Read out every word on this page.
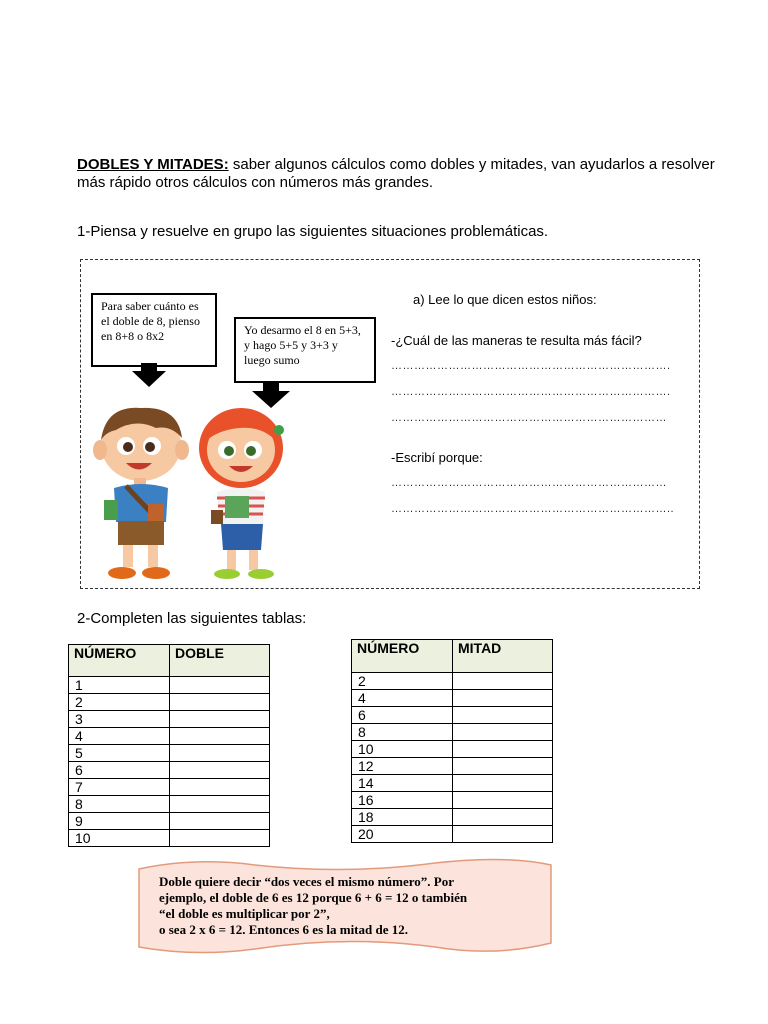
DOBLES Y MITADES: saber algunos cálculos como dobles y mitades, van ayudarlos a resolver más rápido otros cálculos con números más grandes.
1-Piensa y resuelve en grupo las siguientes situaciones problemáticas.
Para saber cuánto es el doble de 8, pienso en 8+8 o 8x2	Yo desarmo el 8 en 5+3, y hago 5+5 y 3+3 y luego sumo
a) Lee lo que dicen estos niños:
-¿Cuál de las maneras te resulta más fácil?
……………………………………………………………….
……………………………………………………………….
………………………………………………………………
-Escribí porque:
………………………………………………………………
………………………………………………………………..
2-Completen las siguientes tablas:
NÚMERO	DOBLE
1	
2	
3	
4	
5	
6	
7	
8	
9	
10	
NÚMERO	MITAD
2	
4	
6	
8	
10	
12	
14	
16	
18	
20	
Doble quiere decir “dos veces el mismo número”. Por
ejemplo, el doble de 6 es 12 porque 6 + 6 = 12 o también
“el doble es multiplicar por 2”,
o sea 2 x 6 = 12. Entonces 6 es la mitad de 12.
